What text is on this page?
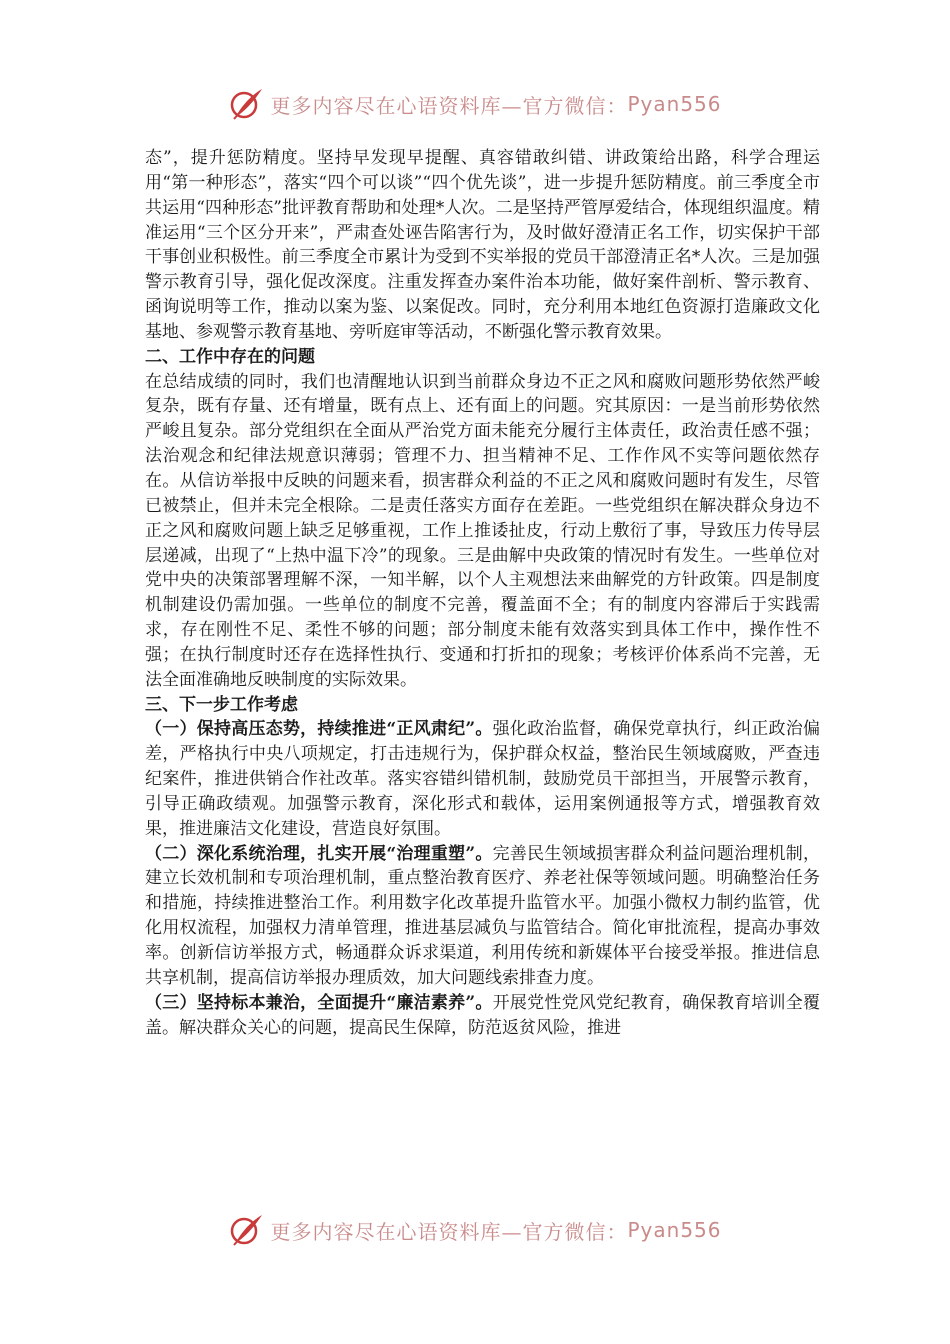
更多内容尽在心语资料库—官方微信： Pyan556

态”，提升惩防精度。坚持早发现早提醒、真容错敢纠错、讲政策给出路，科学合理运用“第一种形态”，落实“四个可以谈”“四个优先谈”，进一步提升惩防精度。前三季度全市共运用“四种形态”批评教育帮助和处理*人次。二是坚持严管厚爱结合，体现组织温度。精准运用“三个区分开来”，严肃查处诬告陷害行为，及时做好澄清正名工作，切实保护干部干事创业积极性。前三季度全市累计为受到不实举报的党员干部澄清正名*人次。三是加强警示教育引导，强化促改深度。注重发挥查办案件治本功能，做好案件剖析、警示教育、函询说明等工作，推动以案为鉴、以案促改。同时，充分利用本地红色资源打造廉政文化基地、参观警示教育基地、旁听庭审等活动，不断强化警示教育效果。

二、工作中存在的问题

在总结成绩的同时，我们也清醒地认识到当前群众身边不正之风和腐败问题形势依然严峻复杂，既有存量、还有增量，既有点上、还有面上的问题。究其原因：一是当前形势依然严峻且复杂。部分党组织在全面从严治党方面未能充分履行主体责任，政治责任感不强；法治观念和纪律法规意识薄弱；管理不力、担当精神不足、工作作风不实等问题依然存在。从信访举报中反映的问题来看，损害群众利益的不正之风和腐败问题时有发生，尽管已被禁止，但并未完全根除。二是责任落实方面存在差距。一些党组织在解决群众身边不正之风和腐败问题上缺乏足够重视，工作上推诿扯皮，行动上敷衍了事，导致压力传导层层递减，出现了“上热中温下冷”的现象。三是曲解中央政策的情况时有发生。一些单位对党中央的决策部署理解不深，一知半解，以个人主观想法来曲解党的方针政策。四是制度机制建设仍需加强。一些单位的制度不完善，覆盖面不全；有的制度内容滞后于实践需求，存在刚性不足、柔性不够的问题；部分制度未能有效落实到具体工作中，操作性不强；在执行制度时还存在选择性执行、变通和打折扣的现象；考核评价体系尚不完善，无法全面准确地反映制度的实际效果。

三、下一步工作考虑

（一）保持高压态势，持续推进“正风肃纪”。强化政治监督，确保党章执行，纠正政治偏差，严格执行中央八项规定，打击违规行为，保护群众权益，整治民生领域腐败，严查违纪案件，推进供销合作社改革。落实容错纠错机制，鼓励党员干部担当，开展警示教育，引导正确政绩观。加强警示教育，深化形式和载体，运用案例通报等方式，增强教育效果，推进廉洁文化建设，营造良好氛围。

（二）深化系统治理，扎实开展“治理重塑”。完善民生领域损害群众利益问题治理机制，建立长效机制和专项治理机制，重点整治教育医疗、养老社保等领域问题。明确整治任务和措施，持续推进整治工作。利用数字化改革提升监管水平。加强小微权力制约监管，优化用权流程，加强权力清单管理，推进基层减负与监管结合。简化审批流程，提高办事效率。创新信访举报方式，畅通群众诉求渠道，利用传统和新媒体平台接受举报。推进信息共享机制，提高信访举报办理质效，加大问题线索排查力度。

（三）坚持标本兼治，全面提升“廉洁素养”。开展党性党风党纪教育，确保教育培训全覆盖。解决群众关心的问题，提高民生保障，防范返贫风险，推进

更多内容尽在心语资料库—官方微信： Pyan556
